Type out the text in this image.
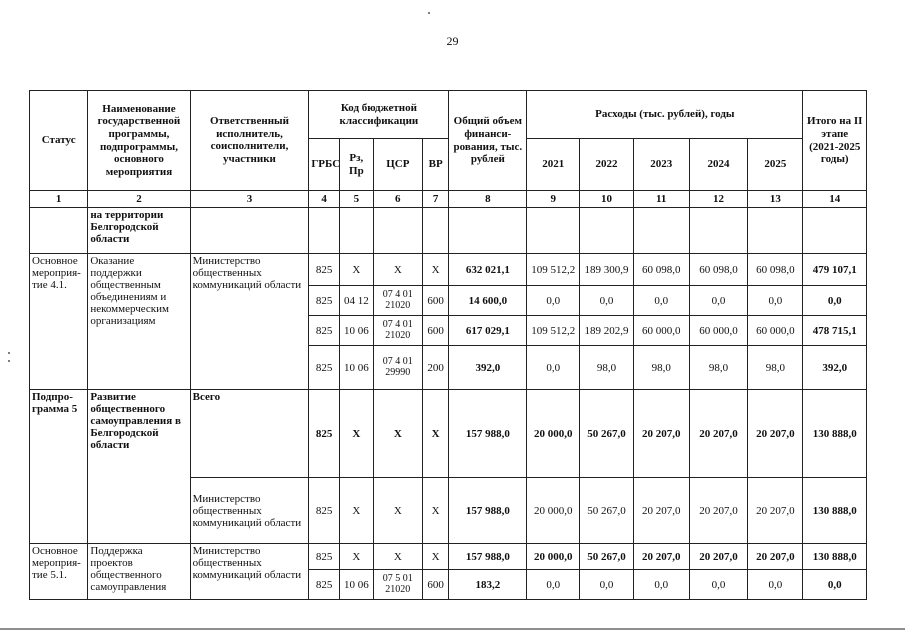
29
Статус	Наименование государственной программы, подпрограммы, основного мероприятия	Ответственный исполнитель, соисполнители, участники	Код бюджетной классификации				Общий объем финанси-рования, тыс. рублей	Расходы (тыс. рублей), годы					Итого на II этапе (2021-2025 годы)
			ГРБС	Рз, Пр	ЦСР	ВР		2021	2022	2023	2024	2025	
1	2	3	4	5	6	7	8	9	10	11	12	13	14
	на территории Белгородской области												
Основное мероприя-тие 4.1.	Оказание поддержки общественным объединениям и некоммерческим организациям	Министерство общественных коммуникаций области	825	X	X	X	632 021,1	109 512,2	189 300,9	60 098,0	60 098,0	60 098,0	479 107,1
			825	04 12	07 4 01 21020	600	14 600,0	0,0	0,0	0,0	0,0	0,0	0,0
			825	10 06	07 4 01 21020	600	617 029,1	109 512,2	189 202,9	60 000,0	60 000,0	60 000,0	478 715,1
			825	10 06	07 4 01 29990	200	392,0	0,0	98,0	98,0	98,0	98,0	392,0
Подпро-грамма 5	Развитие общественного самоуправления в Белгородской области	Всего	825	X	X	X	157 988,0	20 000,0	50 267,0	20 207,0	20 207,0	20 207,0	130 888,0
		Министерство общественных коммуникаций области	825	X	X	X	157 988,0	20 000,0	50 267,0	20 207,0	20 207,0	20 207,0	130 888,0
Основное мероприя-тие 5.1.	Поддержка проектов общественного самоуправления	Министерство общественных коммуникаций области	825	X	X	X	157 988,0	20 000,0	50 267,0	20 207,0	20 207,0	20 207,0	130 888,0
			825	10 06	07 5 01 21020	600	183,2	0,0	0,0	0,0	0,0	0,0	0,0
